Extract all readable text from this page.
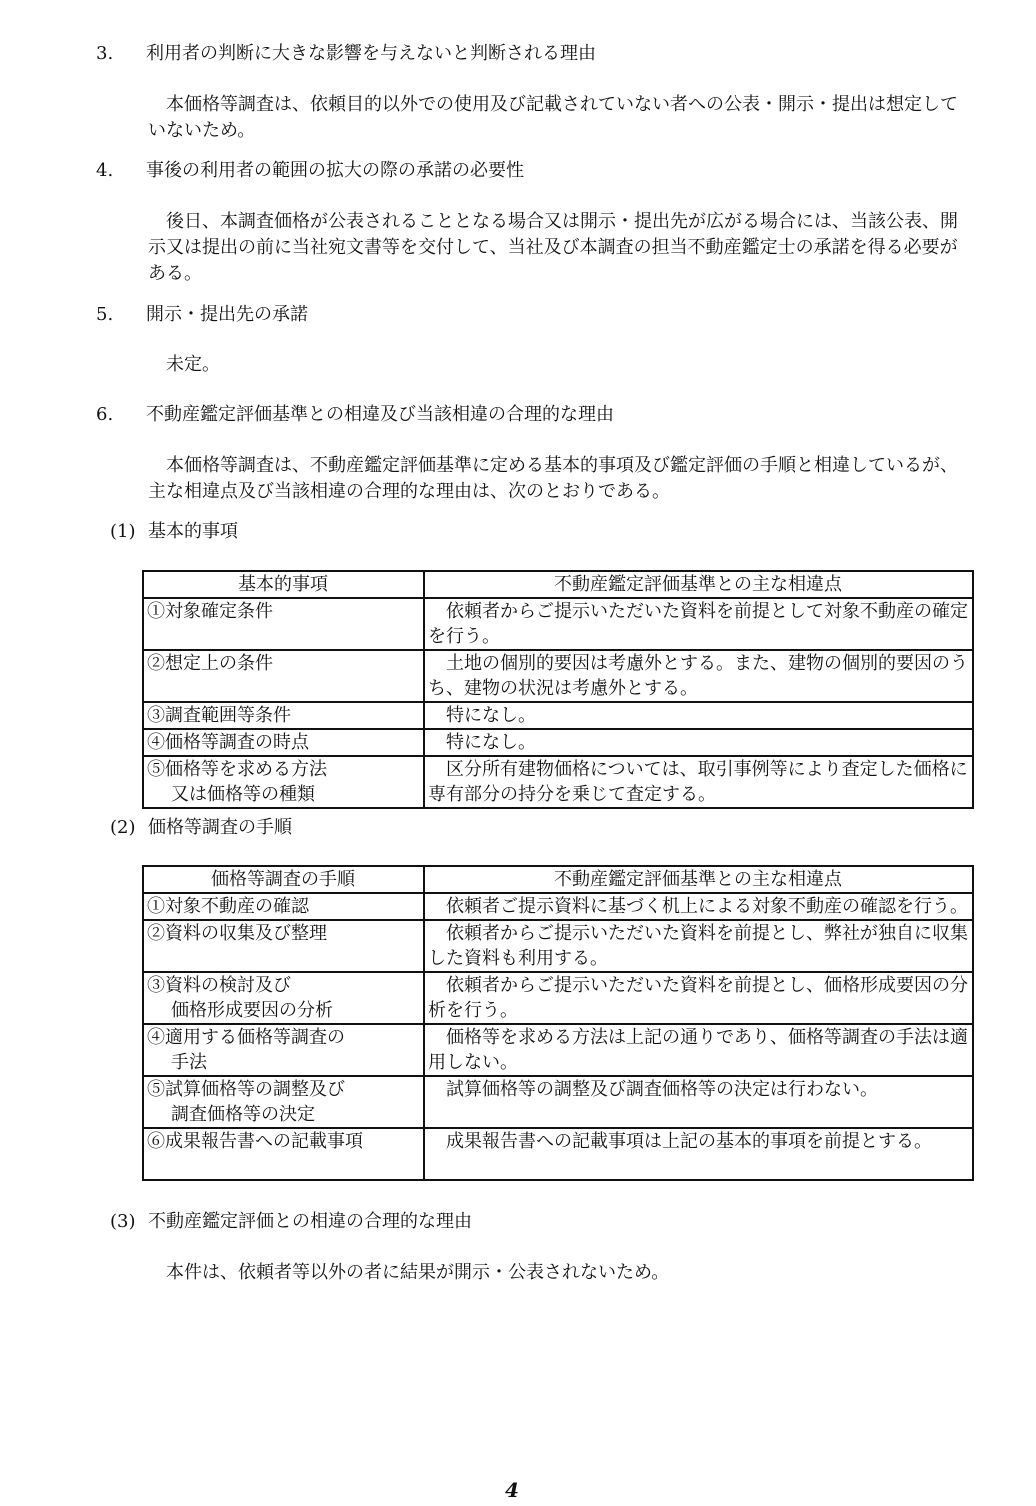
3. 利用者の判断に大きな影響を与えないと判断される理由
本価格等調査は、依頼目的以外での使用及び記載されていない者への公表・開示・提出は想定していないため。
4. 事後の利用者の範囲の拡大の際の承諾の必要性
後日、本調査価格が公表されることとなる場合又は開示・提出先が広がる場合には、当該公表、開示又は提出の前に当社宛文書等を交付して、当社及び本調査の担当不動産鑑定士の承諾を得る必要がある。
5. 開示・提出先の承諾
未定。
6. 不動産鑑定評価基準との相違及び当該相違の合理的な理由
本価格等調査は、不動産鑑定評価基準に定める基本的事項及び鑑定評価の手順と相違しているが、主な相違点及び当該相違の合理的な理由は、次のとおりである。
(1) 基本的事項
基本的事項	不動産鑑定評価基準との主な相違点
①対象確定条件	依頼者からご提示いただいた資料を前提として対象不動産の確定を行う。
②想定上の条件	土地の個別的要因は考慮外とする。また、建物の個別的要因のうち、建物の状況は考慮外とする。
③調査範囲等条件	特になし。
④価格等調査の時点	特になし。
⑤価格等を求める方法
又は価格等の種類	区分所有建物価格については、取引事例等により査定した価格に専有部分の持分を乗じて査定する。
(2) 価格等調査の手順
価格等調査の手順	不動産鑑定評価基準との主な相違点
①対象不動産の確認	依頼者ご提示資料に基づく机上による対象不動産の確認を行う。
②資料の収集及び整理	依頼者からご提示いただいた資料を前提とし、弊社が独自に収集した資料も利用する。
③資料の検討及び
価格形成要因の分析	依頼者からご提示いただいた資料を前提とし、価格形成要因の分析を行う。
④適用する価格等調査の
手法	価格等を求める方法は上記の通りであり、価格等調査の手法は適用しない。
⑤試算価格等の調整及び
調査価格等の決定	試算価格等の調整及び調査価格等の決定は行わない。
⑥成果報告書への記載事項	成果報告書への記載事項は上記の基本的事項を前提とする。
(3) 不動産鑑定評価との相違の合理的な理由
本件は、依頼者等以外の者に結果が開示・公表されないため。
4
